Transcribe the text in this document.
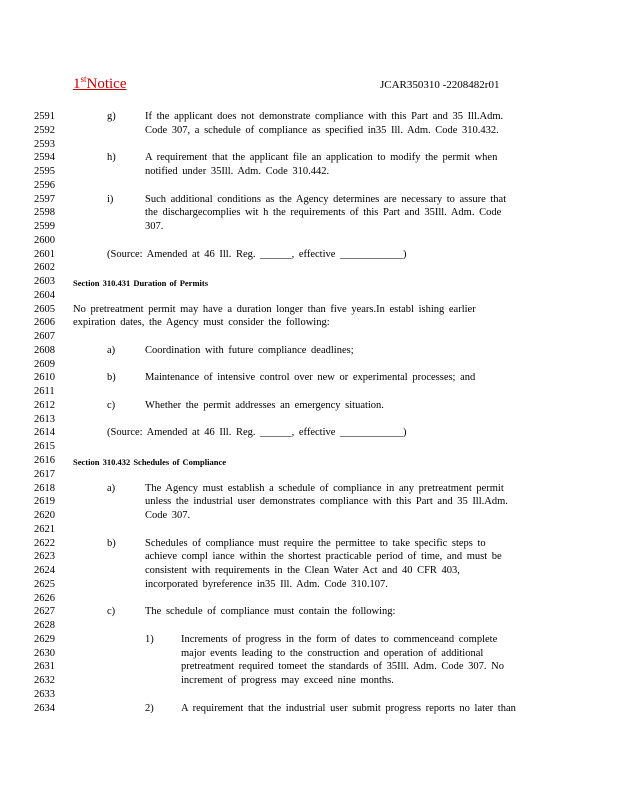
1stNotice	JCAR350310 -2208482r01
2591	g)	If the applicant does not demonstrate compliance with this Part and 35 Ill.Adm.
2592	Code 307, a schedule of compliance as specified in35 Ill. Adm. Code 310.432.
2593
2594	h)	A requirement that the applicant file an application to modify the permit when
2595	notified under 35Ill. Adm. Code 310.442.
2596
2597	i)	Such additional conditions as the Agency determines are necessary to assure that
2598	the dischargecomplies wit h the requirements of this Part and 35Ill. Adm. Code
2599	307.
2600
2601	(Source: Amended at 46 Ill. Reg. ______, effective ____________)
2602
2603	Section 310.431 Duration of Permits
2604
2605	No pretreatment permit may have a duration longer than five years.In establ ishing earlier
2606	expiration dates, the Agency must consider the following:
2607
2608	a)	Coordination with future compliance deadlines;
2609
2610	b)	Maintenance of intensive control over new or experimental processes; and
2611
2612	c)	Whether the permit addresses an emergency situation.
2613
2614	(Source: Amended at 46 Ill. Reg. ______, effective ____________)
2615
2616	Section 310.432 Schedules of Compliance
2617
2618	a)	The Agency must establish a schedule of compliance in any pretreatment permit
2619	unless the industrial user demonstrates compliance with this Part and 35 Ill.Adm.
2620	Code 307.
2621
2622	b)	Schedules of compliance must require the permittee to take specific steps to
2623	achieve compl iance within the shortest practicable period of time, and must be
2624	consistent with requirements in the Clean Water Act and 40 CFR 403,
2625	incorporated byreference in35 Ill. Adm. Code 310.107.
2626
2627	c)	The schedule of compliance must contain the following:
2628
2629	1)	Increments of progress in the form of dates to commenceand complete
2630	major events leading to the construction and operation of additional
2631	pretreatment required tomeet the standards of 35Ill. Adm. Code 307. No
2632	increment of progress may exceed nine months.
2633
2634	2)	A requirement that the industrial user submit progress reports no later than
